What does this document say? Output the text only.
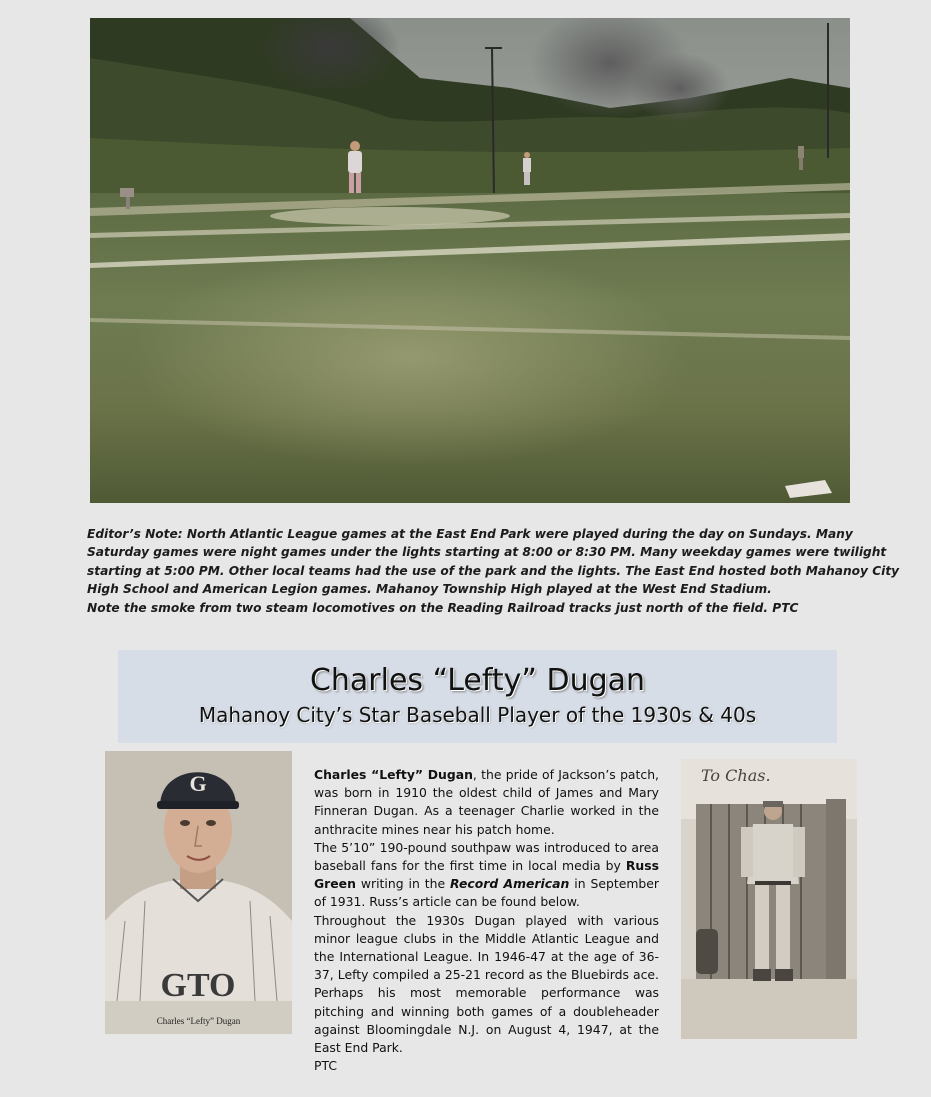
Editor’s Note: North Atlantic League games at the East End Park were played during the day on Sundays. Many
Saturday games were night games under the lights starting at 8:00 or 8:30 PM. Many weekday games were twilight
starting at 5:00 PM. Other local teams had the use of the park and the lights. The East End hosted both Mahanoy City
High School and American Legion games. Mahanoy Township High played at the West End Stadium.
Note the smoke from two steam locomotives on the Reading Railroad tracks just north of the field. PTC
Charles “Lefty” Dugan
Mahanoy City’s Star Baseball Player of the 1930s & 40s
GTO
G
Charles “Lefty” Dugan

Charles “Lefty” Dugan, the pride of Jackson’s patch, was born in 1910 the oldest child of James and Mary Finneran Dugan. As a teenager Charlie worked in the anthracite mines near his patch home.

The 5’10” 190-pound southpaw was introduced to area baseball fans for the first time in local media by Russ Green writing in the Record American in September of 1931. Russ’s article can be found below.

Throughout the 1930s Dugan played with various minor league clubs in the Middle Atlantic League and the International League. In 1946-47 at the age of 36-37, Lefty compiled a 25-21 record as the Bluebirds ace. Perhaps his most memorable performance was pitching and winning both games of a doubleheader against Bloomingdale N.J. on August 4, 1947, at the East End Park.

PTC

To Chas.
